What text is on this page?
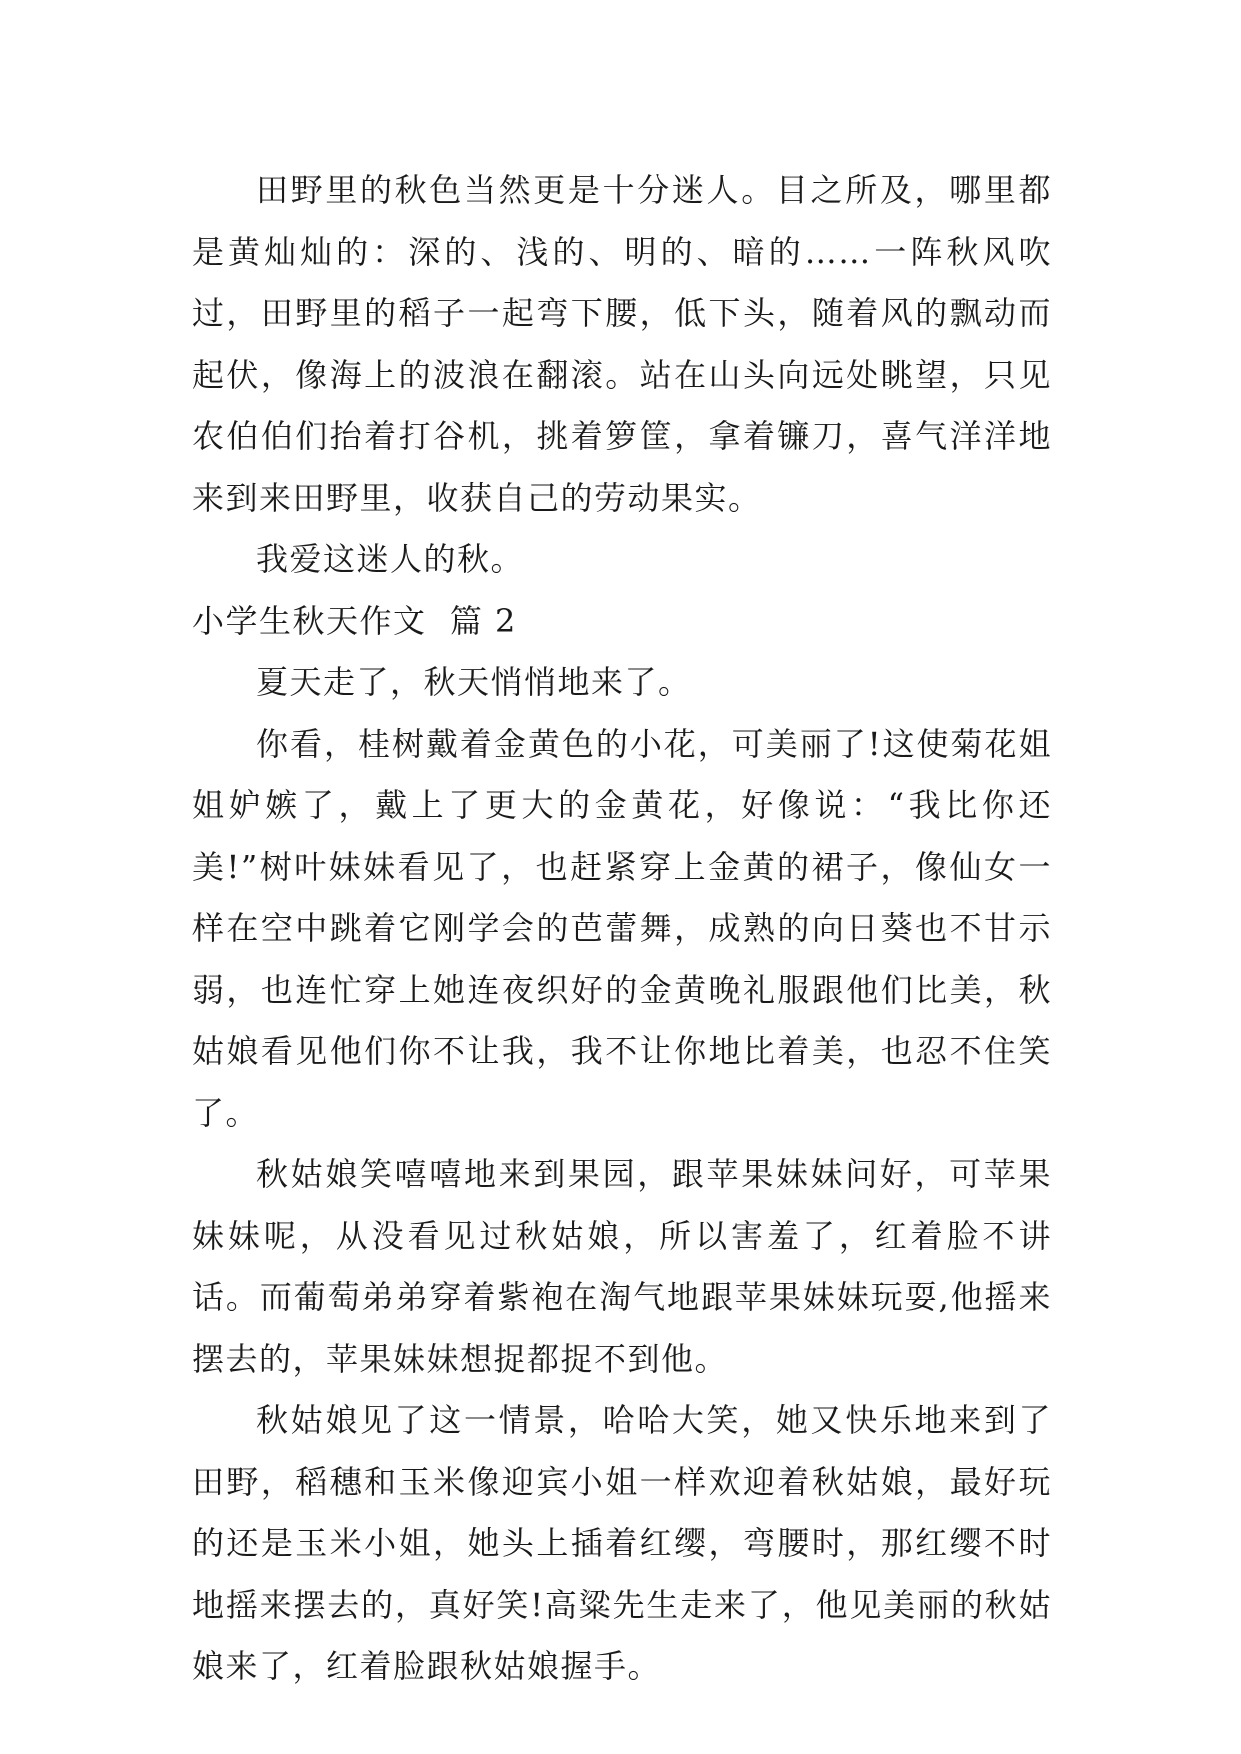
田野里的秋色当然更是十分迷人。目之所及，哪里都是黄灿灿的：深的、浅的、明的、暗的……一阵秋风吹过，田野里的稻子一起弯下腰，低下头，随着风的飘动而起伏，像海上的波浪在翻滚。站在山头向远处眺望，只见农伯伯们抬着打谷机，挑着箩筐，拿着镰刀，喜气洋洋地来到来田野里，收获自己的劳动果实。

我爱这迷人的秋。

小学生秋天作文  篇 2

夏天走了，秋天悄悄地来了。

你看，桂树戴着金黄色的小花，可美丽了!这使菊花姐姐妒嫉了，戴上了更大的金黄花，好像说：“我比你还美!”树叶妹妹看见了，也赶紧穿上金黄的裙子，像仙女一样在空中跳着它刚学会的芭蕾舞，成熟的向日葵也不甘示弱，也连忙穿上她连夜织好的金黄晚礼服跟他们比美，秋姑娘看见他们你不让我，我不让你地比着美，也忍不住笑了。

秋姑娘笑嘻嘻地来到果园，跟苹果妹妹问好，可苹果妹妹呢，从没看见过秋姑娘，所以害羞了，红着脸不讲话。而葡萄弟弟穿着紫袍在淘气地跟苹果妹妹玩耍,他摇来摆去的，苹果妹妹想捉都捉不到他。

秋姑娘见了这一情景，哈哈大笑，她又快乐地来到了田野，稻穗和玉米像迎宾小姐一样欢迎着秋姑娘，最好玩的还是玉米小姐，她头上插着红缨，弯腰时，那红缨不时地摇来摆去的，真好笑!高粱先生走来了，他见美丽的秋姑娘来了，红着脸跟秋姑娘握手。
